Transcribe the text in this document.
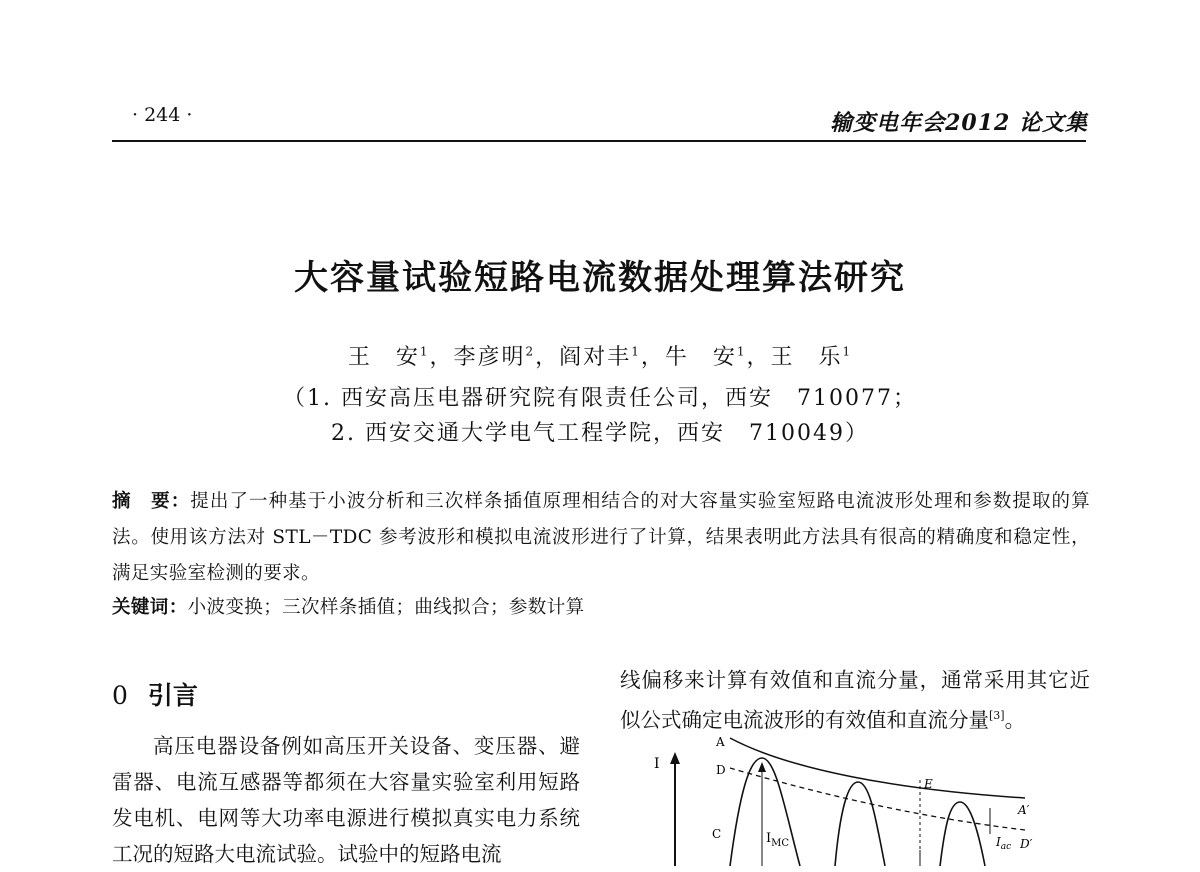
· 244 ·	输变电年会2012 论文集
大容量试验短路电流数据处理算法研究
王　安$^1$，李彦明$^2$，阎对丰$^1$，牛　安$^1$，王　乐$^1$
（1. 西安高压电器研究院有限责任公司，西安　710077；
2. 西安交通大学电气工程学院，西安　710049）
摘　要：提出了一种基于小波分析和三次样条插值原理相结合的对大容量实验室短路电流波形处理和参数提取的算法。使用该方法对 STL－TDC 参考波形和模拟电流波形进行了计算，结果表明此方法具有很高的精确度和稳定性，满足实验室检测的要求。
关键词：小波变换；三次样条插值；曲线拟合；参数计算
0 引言

高压电器设备例如高压开关设备、变压器、避雷器、电流互感器等都须在大容量实验室利用短路发电机、电网等大功率电源进行模拟真实电力系统工况的短路大电流试验。试验中的短路电流

线偏移来计算有效值和直流分量，通常采用其它近似公式确定电流波形的有效值和直流分量[3]。

I
A
D
C
E
A′
D′
$I_{MC}$	$I_{ac}$
